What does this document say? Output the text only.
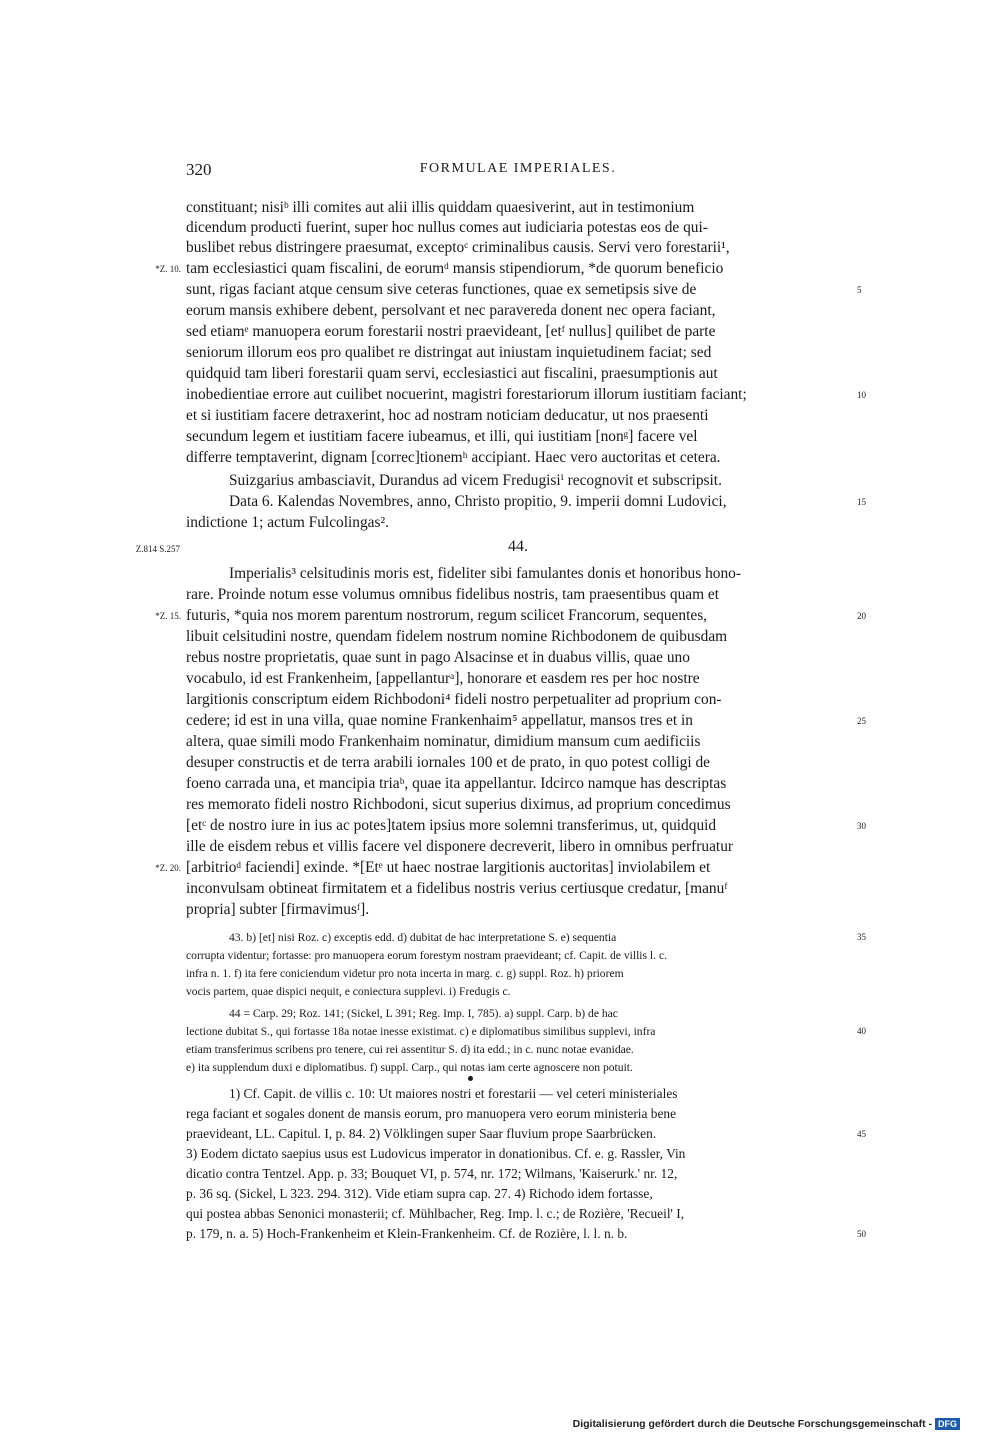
320	FORMULAE IMPERIALES.
constituant; nisiᵇ illi comites aut alii illis quiddam quaesiverint, aut in testimonium
dicendum producti fuerint, super hoc nullus comes aut iudiciaria potestas eos de qui-
buslibet rebus distringere praesumat, exceptoᶜ criminalibus causis. Servi vero forestarii¹,
tam ecclesiastici quam fiscalini, de eorumᵈ mansis stipendiorum, *de quorum beneficio
sunt, rigas faciant atque censum sive ceteras functiones, quae ex semetipsis sive de
eorum mansis exhibere debent, persolvant et nec paravereda donent nec opera faciant,
sed etiamᵉ manuopera eorum forestarii nostri praevideant, [etᶠ nullus] quilibet de parte
seniorum illorum eos pro qualibet re distringat aut iniustam inquietudinem faciat; sed
quidquid tam liberi forestarii quam servi, ecclesiastici aut fiscalini, praesumptionis aut
inobedientiae errore aut cuilibet nocuerint, magistri forestariorum illorum iustitiam faciant;
et si iustitiam facere detraxerint, hoc ad nostram noticiam deducatur, ut nos praesenti
secundum legem et iustitiam facere iubeamus, et illi, qui iustitiam [nonᵍ] facere vel
differre temptaverint, dignam [correc]tionemʰ accipiant. Haec vero auctoritas et cetera.
Suizgarius ambasciavit, Durandus ad vicem Fredugisiⁱ recognovit et subscripsit.
Data 6. Kalendas Novembres, anno, Christo propitio, 9. imperii domni Ludovici,
indictione 1; actum Fulcolingas².
44.
Imperialis³ celsitudinis moris est, fideliter sibi famulantes donis et honoribus hono-
rare. Proinde notum esse volumus omnibus fidelibus nostris, tam praesentibus quam et
futuris, *quia nos morem parentum nostrorum, regum scilicet Francorum, sequentes,
libuit celsitudini nostre, quendam fidelem nostrum nomine Richbodonem de quibusdam
rebus nostre proprietatis, quae sunt in pago Alsacinse et in duabus villis, quae uno
vocabulo, id est Frankenheim, [appellanturᵃ], honorare et easdem res per hoc nostre
largitionis conscriptum eidem Richbodoni⁴ fideli nostro perpetualiter ad proprium con-
cedere; id est in una villa, quae nomine Frankenhaim⁵ appellatur, mansos tres et in
altera, quae simili modo Frankenhaim nominatur, dimidium mansum cum aedificiis
desuper constructis et de terra arabili iornales 100 et de prato, in quo potest colligi de
foeno carrada una, et mancipia triaᵇ, quae ita appellantur. Idcirco namque has descriptas
res memorato fideli nostro Richbodoni, sicut superius diximus, ad proprium concedimus
[etᶜ de nostro iure in ius ac potes]tatem ipsius more solemni transferimus, ut, quidquid
ille de eisdem rebus et villis facere vel disponere decreverit, libero in omnibus perfruatur
[arbitrioᵈ faciendi] exinde. *[Etᵉ ut haec nostrae largitionis auctoritas] inviolabilem et
inconvulsam obtineat firmitatem et a fidelibus nostris verius certiusque credatur, [manuᶠ
propria] subter [firmavimusᶠ].
43. b) [et] nisi Roz. c) exceptis edd. d) dubitat de hac interpretatione S. e) sequentia
corrupta videntur; fortasse: pro manuopera eorum forestym nostram praevideant; cf. Capit. de villis l. c.
infra n. 1. f) ita fere coniciendum videtur pro nota incerta in marg. c. g) suppl. Roz. h) priorem
vocis partem, quae dispici nequit, e coniectura supplevi. i) Fredugis c.
44 = Carp. 29; Roz. 141; (Sickel, L 391; Reg. Imp. I, 785). a) suppl. Carp. b) de hac
lectione dubitat S., qui fortasse 18a notae inesse existimat. c) e diplomatibus similibus supplevi, infra
etiam transferimus scribens pro tenere, cui rei assentitur S. d) ita edd.; in c. nunc notae evanidae.
e) ita supplendum duxi e diplomatibus. f) suppl. Carp., qui notas iam certe agnoscere non potuit.
1) Cf. Capit. de villis c. 10: Ut maiores nostri et forestarii — vel ceteri ministeriales
rega faciant et sogales donent de mansis eorum, pro manuopera vero eorum ministeria bene
praevideant, LL. Capitul. I, p. 84. 2) Völklingen super Saar fluvium prope Saarbrücken.
3) Eodem dictato saepius usus est Ludovicus imperator in donationibus. Cf. e. g. Rassler, Vin
dicatio contra Tentzel. App. p. 33; Bouquet VI, p. 574, nr. 172; Wilmans, 'Kaiserurk.' nr. 12,
p. 36 sq. (Sickel, L 323. 294. 312). Vide etiam supra cap. 27. 4) Richodo idem fortasse,
qui postea abbas Senonici monasterii; cf. Mühlbacher, Reg. Imp. l. c.; de Rozière, 'Recueil' I,
p. 179, n. a. 5) Hoch-Frankenheim et Klein-Frankenheim. Cf. de Rozière, l. l. n. b.
*Z. 10.
Z.814 S.257
*Z. 15.
*Z. 20.
5
10
15
20
25
30
35
40
45
50
Digitalisierung gefördert durch die Deutsche Forschungsgemeinschaft - DFG
